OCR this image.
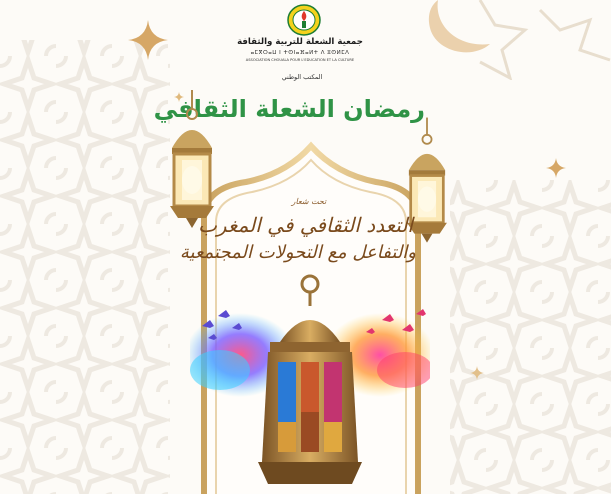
جمعية الشعلة للتربية والثقافة
ⴰⵎⴳⵔⴰⵡ ⵏ ⵜⵙⵏⴰⴼⴰⵍⵜ ⴷ ⵓⵙⵍⵎⴷ
ASSOCIATION CHOUALA POUR L'EDUCATION ET LA CULTURE
المكتب الوطني
رمضان الشعلة الثقافي
تحت شعار
التعدد الثقافي في المغرب
والتفاعل مع التحولات المجتمعية
